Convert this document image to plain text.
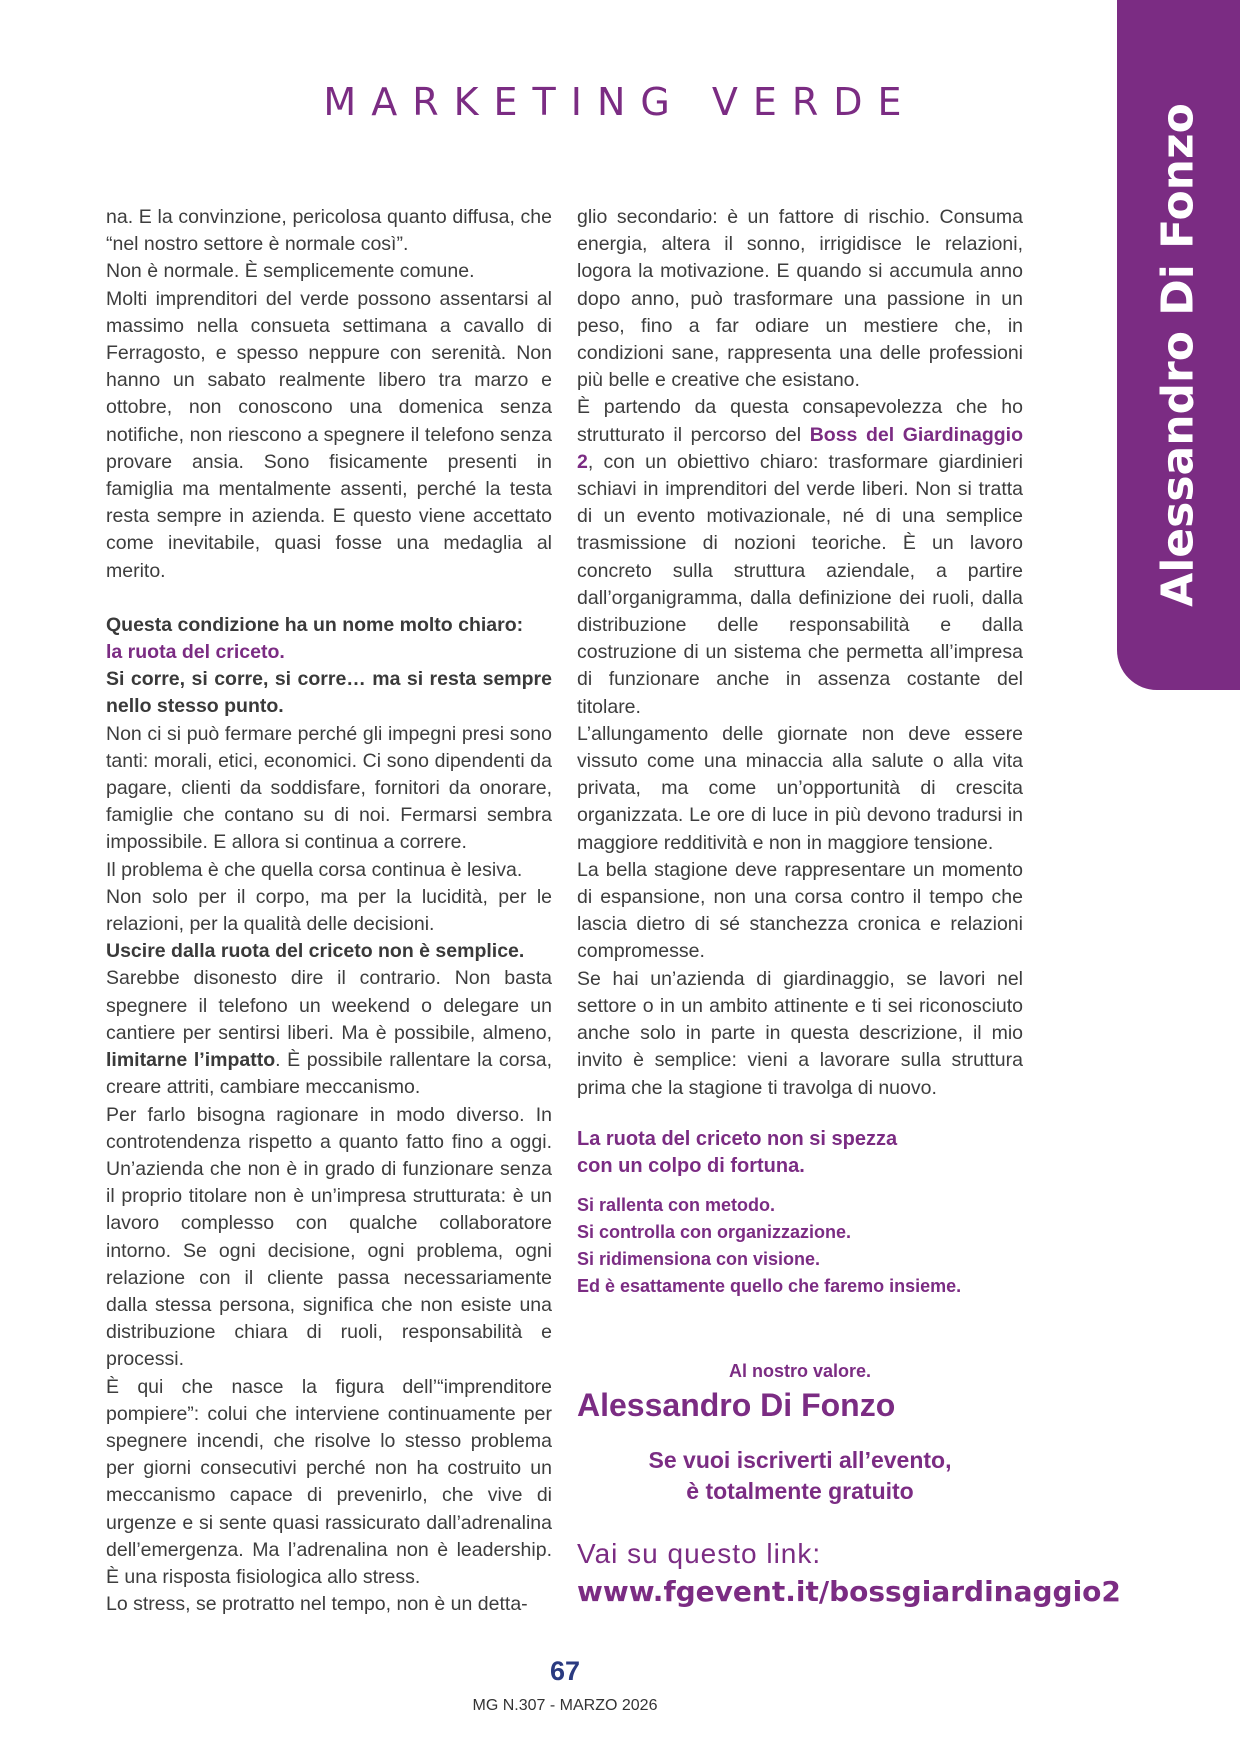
MARKETING VERDE
Alessandro Di Fonzo

na. E la convinzione, pericolosa quanto diffusa, che “nel nostro settore è normale così”.

Non è normale. È semplicemente comune.

Molti imprenditori del verde possono assentarsi al massimo nella consueta settimana a cavallo di Ferragosto, e spesso neppure con serenità. Non hanno un sabato realmente libero tra marzo e ottobre, non conoscono una domenica senza notifiche, non riescono a spegnere il telefono senza provare ansia. Sono fisicamente presenti in famiglia ma mentalmente assenti, perché la testa resta sempre in azienda. E questo viene accettato come inevitabile, quasi fosse una medaglia al merito.

Questa condizione ha un nome molto chiaro:

la ruota del criceto.

Si corre, si corre, si corre… ma si resta sempre nello stesso punto.

Non ci si può fermare perché gli impegni presi sono tanti: morali, etici, economici. Ci sono dipendenti da pagare, clienti da soddisfare, fornitori da onorare, famiglie che contano su di noi. Fermarsi sembra impossibile. E allora si continua a correre.

Il problema è che quella corsa continua è lesiva.

Non solo per il corpo, ma per la lucidità, per le relazioni, per la qualità delle decisioni.

Uscire dalla ruota del criceto non è semplice.

Sarebbe disonesto dire il contrario. Non basta spegnere il telefono un weekend o delegare un cantiere per sentirsi liberi. Ma è possibile, almeno, limitarne l’impatto. È possibile rallentare la corsa, creare attriti, cambiare meccanismo.

Per farlo bisogna ragionare in modo diverso. In controtendenza rispetto a quanto fatto fino a oggi. Un’azienda che non è in grado di funzionare senza il proprio titolare non è un’impresa strutturata: è un lavoro complesso con qualche collaboratore intorno. Se ogni decisione, ogni problema, ogni relazione con il cliente passa necessariamente dalla stessa persona, significa che non esiste una distribuzione chiara di ruoli, responsabilità e processi.

È qui che nasce la figura dell’“imprenditore pompiere”: colui che interviene continuamente per spegnere incendi, che risolve lo stesso problema per giorni consecutivi perché non ha costruito un meccanismo capace di prevenirlo, che vive di urgenze e si sente quasi rassicurato dall’adrenalina dell’emergenza. Ma l’adrenalina non è leadership. È una risposta fisiologica allo stress.

Lo stress, se protratto nel tempo, non è un detta-

glio secondario: è un fattore di rischio. Consuma energia, altera il sonno, irrigidisce le relazioni, logora la motivazione. E quando si accumula anno dopo anno, può trasformare una passione in un peso, fino a far odiare un mestiere che, in condizioni sane, rappresenta una delle professioni più belle e creative che esistano.

È partendo da questa consapevolezza che ho strutturato il percorso del Boss del Giardinaggio 2, con un obiettivo chiaro: trasformare giardinieri schiavi in imprenditori del verde liberi. Non si tratta di un evento motivazionale, né di una semplice trasmissione di nozioni teoriche. È un lavoro concreto sulla struttura aziendale, a partire dall’organigramma, dalla definizione dei ruoli, dalla distribuzione delle responsabilità e dalla costruzione di un sistema che permetta all’impresa di funzionare anche in assenza costante del titolare.

L’allungamento delle giornate non deve essere vissuto come una minaccia alla salute o alla vita privata, ma come un’opportunità di crescita organizzata. Le ore di luce in più devono tradursi in maggiore redditività e non in maggiore tensione.

La bella stagione deve rappresentare un momento di espansione, non una corsa contro il tempo che lascia dietro di sé stanchezza cronica e relazioni compromesse.

Se hai un’azienda di giardinaggio, se lavori nel settore o in un ambito attinente e ti sei riconosciuto anche solo in parte in questa descrizione, il mio invito è semplice: vieni a lavorare sulla struttura prima che la stagione ti travolga di nuovo.

La ruota del criceto non si spezza

con un colpo di fortuna.

Si rallenta con metodo.

Si controlla con organizzazione.

Si ridimensiona con visione.

Ed è esattamente quello che faremo insieme.

Al nostro valore.

Alessandro Di Fonzo

Se vuoi iscriverti all’evento,

è totalmente gratuito

Vai su questo link:

www.fgevent.it/bossgiardinaggio2

67
MG N.307 - MARZO 2026
